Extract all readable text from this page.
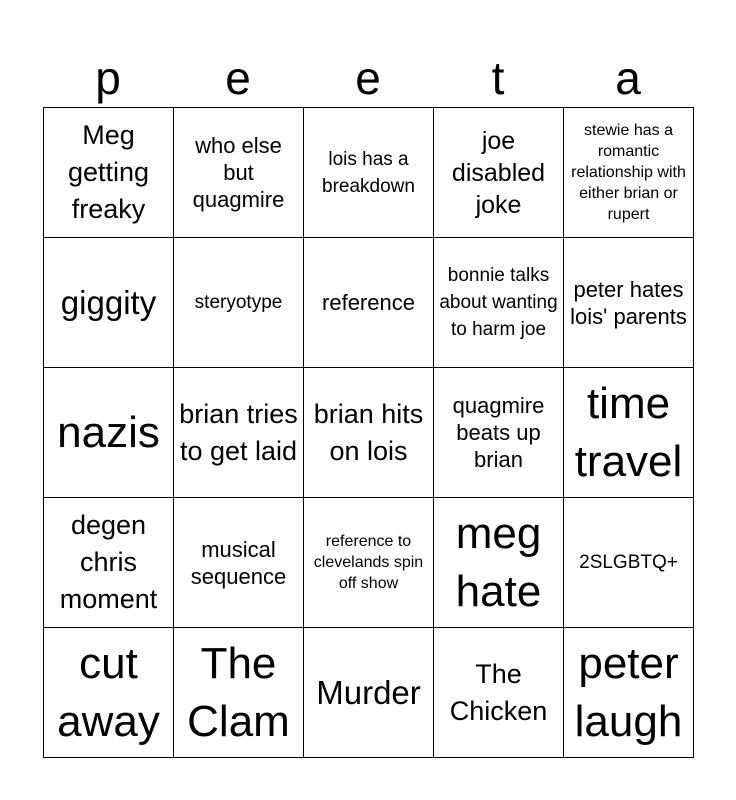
p	e	e	t	a
Meg getting freaky	who else but quagmire	lois has a breakdown	joe disabled joke	stewie has a romantic relationship with either brian or rupert
giggity	steryotype	reference	bonnie talks about wanting to harm joe	peter hates lois' parents
nazis	brian tries to get laid	brian hits on lois	quagmire beats up brian	time travel
degen chris moment	musical sequence	reference to clevelands spin off show	meg hate	2SLGBTQ+
cut away	The Clam	Murder	The Chicken	peter laugh
